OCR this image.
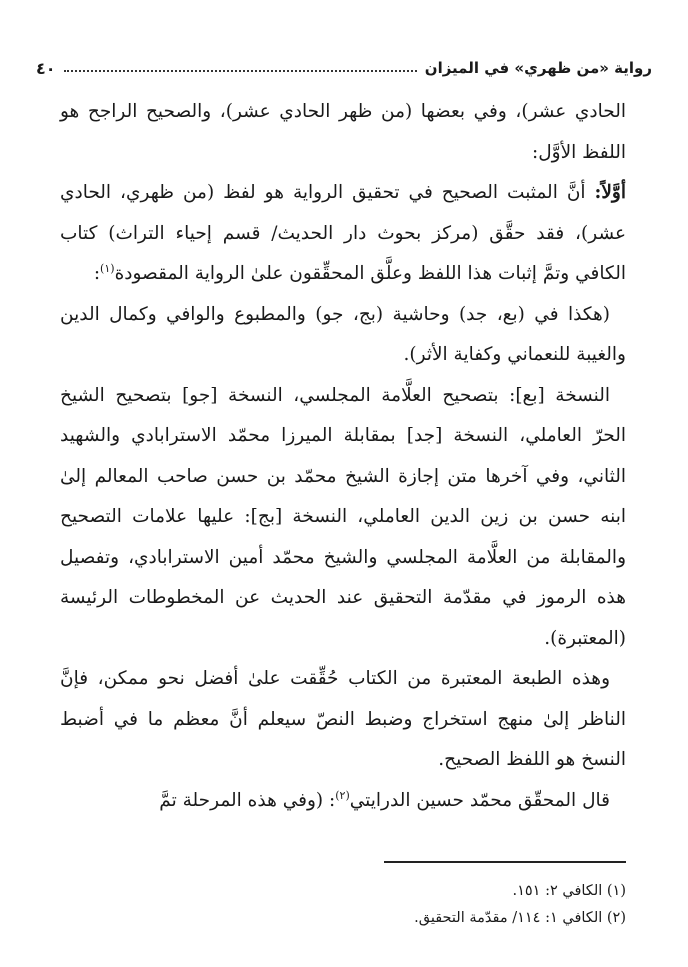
رواية «من ظهري» في الميزان
٤٠

الحادي عشر)، وفي بعضها (من ظهر الحادي عشر)، والصحيح الراجح هو اللفظ الأوَّل:

أوَّلاً: أنَّ المثبت الصحيح في تحقيق الرواية هو لفظ (من ظهري، الحادي عشر)، فقد حقَّق (مركز بحوث دار الحديث/ قسم إحياء التراث) كتاب الكافي وتمَّ إثبات هذا اللفظ وعلَّق المحقِّقون علىٰ الرواية المقصودة$^{(١)}$:

(هكذا في (بع، جد) وحاشية (بج، جو) والمطبوع والوافي وكمال الدين والغيبة للنعماني وكفاية الأثر).

النسخة [بع]: بتصحيح العلَّامة المجلسي، النسخة [جو] بتصحيح الشيخ الحرّ العاملي، النسخة [جد] بمقابلة الميرزا محمّد الاسترابادي والشهيد الثاني، وفي آخرها متن إجازة الشيخ محمّد بن حسن صاحب المعالم إلىٰ ابنه حسن بن زين الدين العاملي، النسخة [بج]: عليها علامات التصحيح والمقابلة من العلَّامة المجلسي والشيخ محمّد أمين الاسترابادي، وتفصيل هذه الرموز في مقدّمة التحقيق عند الحديث عن المخطوطات الرئيسة (المعتبرة).

وهذه الطبعة المعتبرة من الكتاب حُقِّقت علىٰ أفضل نحو ممكن، فإنَّ الناظر إلىٰ منهج استخراج وضبط النصّ سيعلم أنَّ معظم ما في أضبط النسخ هو اللفظ الصحيح.

قال المحقّق محمّد حسين الدرايتي$^{(٢)}$: (وفي هذه المرحلة تمَّ

(١) الكافي ٢: ١٥١.
(٢) الكافي ١: ١١٤/ مقدّمة التحقيق.
